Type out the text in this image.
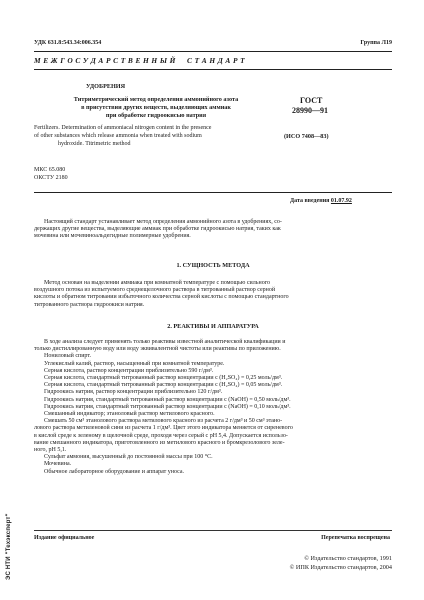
УДК 631.8:543.34:006.354	Группа Л19
М Е Ж Г О С У Д А Р С Т В Е Н Н Ы Й     С Т А Н Д А Р Т
УДОБРЕНИЯ
Титриметрический метод определения аммонийного азота
в присутствии других веществ, выделяющих аммиак
при обработке гидроокисью натрия
ГОСТ
28990—91
Fertilizers. Determination of ammoniacal nitrogen content in the presence
of other substances which release ammonia when treated with sodium
hydroxide. Titrimetric method
(ИСО 7408—83)
МКС 65.080
ОКСТУ 2180
Дата введения 01.07.92
Настоящий стандарт устанавливает метод определения аммонийного азота в удобрениях, со-
держащих другие вещества, выделяющие аммиак при обработке гидроокисью натрия, таких как
мочевина или мочевиноальдегидные полимерные удобрения.
1. СУЩНОСТЬ МЕТОДА
Метод основан на выделении аммиака при комнатной температуре с помощью сильного
воздушного потока из испытуемого среднещелочного раствора в титрованный раствор серной
кислоты и обратном титровании избыточного количества серной кислоты с помощью стандартного
титрованного раствора гидроокиси натрия.
2. РЕАКТИВЫ И АППАРАТУРА
В ходе анализа следует применять только реактивы известной аналитической квалификации и
только дистиллированную воду или воду эквивалентной чистоты или реактивы по приложению.
Нониловый спирт.
Углекислый калий, раствор, насыщенный при комнатной температуре.
Серная кислота, раствор концентрации приблизительно 590 г/дм³.
Серная кислота, стандартный титрованный раствор концентрации с (H₂SO₄) = 0,25 моль/дм³.
Серная кислота, стандартный титрованный раствор концентрации с (H₂SO₄) = 0,05 моль/дм³.
Гидроокись натрия, раствор концентрации приблизительно 120 г/дм³.
Гидроокись натрия, стандартный титрованный раствор концентрации с (NaOH) = 0,50 моль/дм³.
Гидроокись натрия, стандартный титрованный раствор концентрации с (NaOH) = 0,10 моль/дм³.
Смешанный индикатор; этаноловый раствор метилового красного.
Смешать 50 см³ этанолового раствора метилового красного из расчета 2 г/дм³ и 50 см³ этано-
лового раствора метиленовой сини из расчета 1 г/дм³. Цвет этого индикатора меняется от сиреневого
в кислой среде к зеленому в щелочной среде, проходя через серый с pH 5,4. Допускается использо-
вание смешанного индикатора, приготовленного из метилового красного и бромкрезолового зеле-
ного, pH 5,1.
Сульфат аммония, высушенный до постоянной массы при 100 °С.
Мочевина.
Обычное лабораторное оборудование и аппарат уноса.
Издание официальное	Перепечатка воспрещена
© Издательство стандартов, 1991
© ИПК Издательство стандартов, 2004
ЭС НТИ "Техэксперт"
